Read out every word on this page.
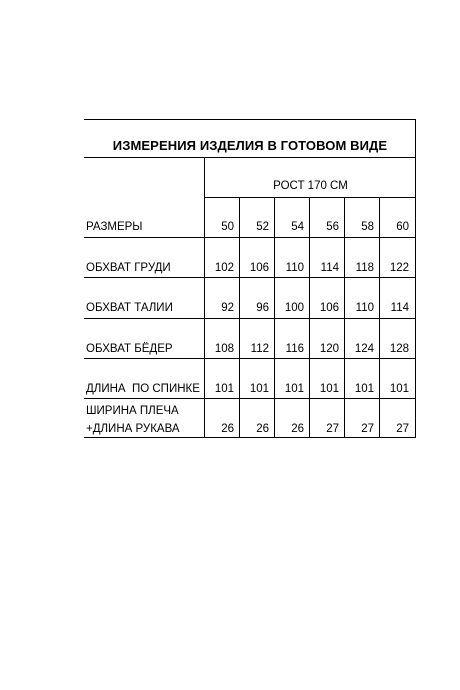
ИЗМЕРЕНИЯ ИЗДЕЛИЯ В ГОТОВОМ ВИДЕ
РОСТ 170 СМ
РАЗМЕРЫ	50	52	54	56	58	60
ОБХВАТ ГРУДИ	102	106	110	114	118	122
ОБХВАТ ТАЛИИ	92	96	100	106	110	114
ОБХВАТ БЁДЕР	108	112	116	120	124	128
ДЛИНА  ПО СПИНКЕ	101	101	101	101	101	101
ШИРИНА ПЛЕЧА
+ДЛИНА РУКАВА	26	26	26	27	27	27
